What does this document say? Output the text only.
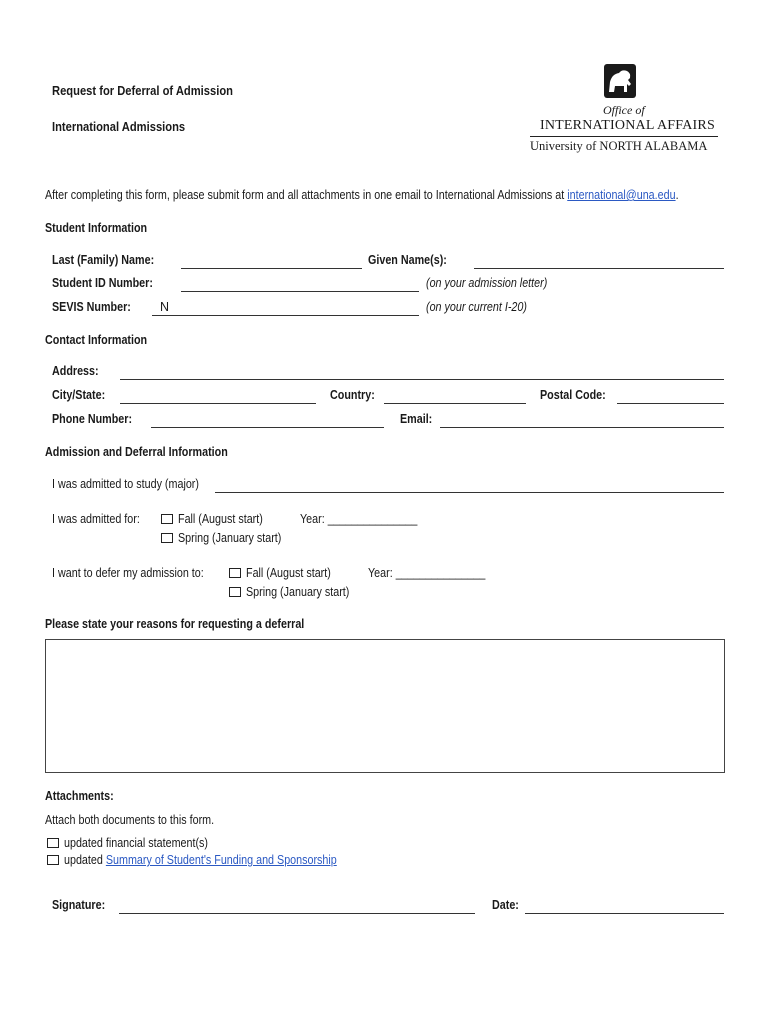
Request for Deferral of Admission
International Admissions
Office of
INTERNATIONAL AFFAIRS
University of NORTH ALABAMA
After completing this form, please submit form and all attachments in one email to International Admissions at international@una.edu.
Student Information
Last (Family) Name:	Given Name(s):
Student ID Number:	(on your admission letter)
SEVIS Number:	N	(on your current I-20)
Contact Information
Address:
City/State:	Country:	Postal Code:
Phone Number:	Email:
Admission and Deferral Information
I was admitted to study (major)
I was admitted for:	Fall (August start)
Spring (January start)
Year: _______________
I want to defer my admission to:	Fall (August start)
Spring (January start)
Year: _______________
Please state your reasons for requesting a deferral
Attachments:
Attach both documents to this form.
updated financial statement(s)
updated Summary of Student's Funding and Sponsorship
Signature:	Date:
